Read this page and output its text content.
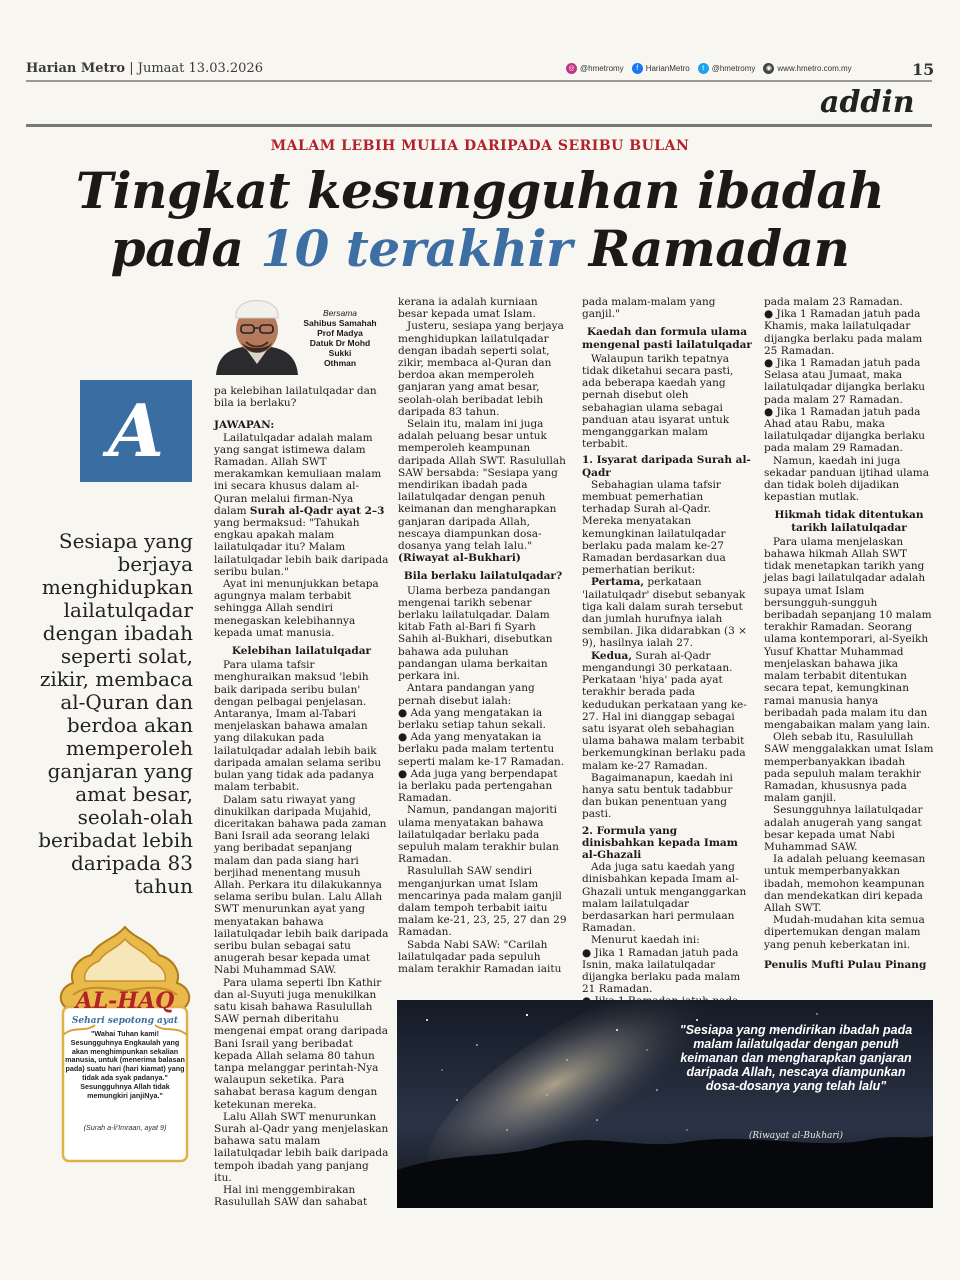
Harian Metro | Jumaat 13.03.2026	◎ @hmetromy	f HarianMetro	t @hmetromy	◉ www.hmetro.com.my	15
addin
MALAM LEBIH MULIA DARIPADA SERIBU BULAN
Tingkat kesungguhan ibadah
pada 10 terakhir Ramadan
Bersama
Sahibus Samahah
Prof Madya
Datuk Dr Mohd Sukki
Othman
A
Sesiapa yang berjaya menghidupkan lailatulqadar dengan ibadah seperti solat, zikir, membaca al-Quran dan berdoa akan memperoleh ganjaran yang amat besar, seolah-olah beribadat lebih daripada 83 tahun

pa kelebihan lailatulqadar dan bila ia berlaku?

JAWAPAN:

Lailatulqadar adalah malam yang sangat istimewa dalam Ramadan. Allah SWT merakamkan kemuliaan malam ini secara khusus dalam al-Quran melalui firman-Nya dalam Surah al-Qadr ayat 2–3 yang bermaksud: "Tahukah engkau apakah malam lailatulqadar itu? Malam lailatulqadar lebih baik daripada seribu bulan."

Ayat ini menunjukkan betapa agungnya malam terbabit sehingga Allah sendiri menegaskan kelebihannya kepada umat manusia.

Kelebihan lailatulqadar

Para ulama tafsir menghuraikan maksud 'lebih baik daripada seribu bulan' dengan pelbagai penjelasan. Antaranya, Imam al-Tabari menjelaskan bahawa amalan yang dilakukan pada lailatulqadar adalah lebih baik daripada amalan selama seribu bulan yang tidak ada padanya malam terbabit.

Dalam satu riwayat yang dinukilkan daripada Mujahid, diceritakan bahawa pada zaman Bani Israil ada seorang lelaki yang beribadat sepanjang malam dan pada siang hari berjihad menentang musuh Allah. Perkara itu dilakukannya selama seribu bulan. Lalu Allah SWT menurunkan ayat yang menyatakan bahawa lailatulqadar lebih baik daripada seribu bulan sebagai satu anugerah besar kepada umat Nabi Muhammad SAW.

Para ulama seperti Ibn Kathir dan al-Suyuti juga menukilkan satu kisah bahawa Rasulullah SAW pernah diberitahu mengenai empat orang daripada Bani Israil yang beribadat kepada Allah selama 80 tahun tanpa melanggar perintah-Nya walaupun seketika. Para sahabat berasa kagum dengan ketekunan mereka.

Lalu Allah SWT menurunkan Surah al-Qadr yang menjelaskan bahawa satu malam lailatulqadar lebih baik daripada tempoh ibadah yang panjang itu.

Hal ini menggembirakan Rasulullah SAW dan sahabat

kerana ia adalah kurniaan besar kepada umat Islam.

Justeru, sesiapa yang berjaya menghidupkan lailatulqadar dengan ibadah seperti solat, zikir, membaca al-Quran dan berdoa akan memperoleh ganjaran yang amat besar, seolah-olah beribadat lebih daripada 83 tahun.

Selain itu, malam ini juga adalah peluang besar untuk memperoleh keampunan daripada Allah SWT. Rasulullah SAW bersabda: "Sesiapa yang mendirikan ibadah pada lailatulqadar dengan penuh keimanan dan mengharapkan ganjaran daripada Allah, nescaya diampunkan dosa-dosanya yang telah lalu."

(Riwayat al-Bukhari)

Bila berlaku lailatulqadar?

Ulama berbeza pandangan mengenai tarikh sebenar berlaku lailatulqadar. Dalam kitab Fath al-Bari fi Syarh Sahih al-Bukhari, disebutkan bahawa ada puluhan pandangan ulama berkaitan perkara ini.

Antara pandangan yang pernah disebut ialah:

● Ada yang mengatakan ia berlaku setiap tahun sekali.

● Ada yang menyatakan ia berlaku pada malam tertentu seperti malam ke-17 Ramadan.

● Ada juga yang berpendapat ia berlaku pada pertengahan Ramadan.

Namun, pandangan majoriti ulama menyatakan bahawa lailatulqadar berlaku pada sepuluh malam terakhir bulan Ramadan.

Rasulullah SAW sendiri menganjurkan umat Islam mencarinya pada malam ganjil dalam tempoh terbabit iaitu malam ke-21, 23, 25, 27 dan 29 Ramadan.

Sabda Nabi SAW: "Carilah lailatulqadar pada sepuluh malam terakhir Ramadan iaitu

pada malam-malam yang ganjil."

Kaedah dan formula ulama mengenal pasti lailatulqadar

Walaupun tarikh tepatnya tidak diketahui secara pasti, ada beberapa kaedah yang pernah disebut oleh sebahagian ulama sebagai panduan atau isyarat untuk menganggarkan malam terbabit.

1. Isyarat daripada Surah al-Qadr

Sebahagian ulama tafsir membuat pemerhatian terhadap Surah al-Qadr. Mereka menyatakan kemungkinan lailatulqadar berlaku pada malam ke-27 Ramadan berdasarkan dua pemerhatian berikut:

Pertama, perkataan 'lailatulqadr' disebut sebanyak tiga kali dalam surah tersebut dan jumlah hurufnya ialah sembilan. Jika didarabkan (3 × 9), hasilnya ialah 27.

Kedua, Surah al-Qadr mengandungi 30 perkataan. Perkataan 'hiya' pada ayat terakhir berada pada kedudukan perkataan yang ke-27. Hal ini dianggap sebagai satu isyarat oleh sebahagian ulama bahawa malam terbabit berkemungkinan berlaku pada malam ke-27 Ramadan.

Bagaimanapun, kaedah ini hanya satu bentuk tadabbur dan bukan penentuan yang pasti.

2. Formula yang dinisbahkan kepada Imam al-Ghazali

Ada juga satu kaedah yang dinisbahkan kepada Imam al-Ghazali untuk menganggarkan malam lailatulqadar berdasarkan hari permulaan Ramadan.

Menurut kaedah ini:

● Jika 1 Ramadan jatuh pada Isnin, maka lailatulqadar dijangka berlaku pada malam 21 Ramadan.

pada malam 23 Ramadan.

● Jika 1 Ramadan jatuh pada Khamis, maka lailatulqadar dijangka berlaku pada malam 25 Ramadan.

● Jika 1 Ramadan jatuh pada Selasa atau Jumaat, maka lailatulqadar dijangka berlaku pada malam 27 Ramadan.

● Jika 1 Ramadan jatuh pada Ahad atau Rabu, maka lailatulqadar dijangka berlaku pada malam 29 Ramadan.

Namun, kaedah ini juga sekadar panduan ijtihad ulama dan tidak boleh dijadikan kepastian mutlak.

Hikmah tidak ditentukan tarikh lailatulqadar

Para ulama menjelaskan bahawa hikmah Allah SWT tidak menetapkan tarikh yang jelas bagi lailatulqadar adalah supaya umat Islam bersungguh-sungguh beribadah sepanjang 10 malam terakhir Ramadan. Seorang ulama kontemporari, al-Syeikh Yusuf Khattar Muhammad menjelaskan bahawa jika malam terbabit ditentukan secara tepat, kemungkinan ramai manusia hanya beribadah pada malam itu dan mengabaikan malam yang lain.

Oleh sebab itu, Rasulullah SAW menggalakkan umat Islam memperbanyakkan ibadah pada sepuluh malam terakhir Ramadan, khususnya pada malam ganjil.

Sesungguhnya lailatulqadar adalah anugerah yang sangat besar kepada umat Nabi Muhammad SAW.

Ia adalah peluang keemasan untuk memperbanyakkan ibadah, memohon keampunan dan mendekatkan diri kepada Allah SWT.

Mudah-mudahan kita semua dipertemukan dengan malam yang penuh keberkatan ini.

Penulis Mufti Pulau Pinang

AL-HAQ
Sehari sepotong ayat
"Wahai Tuhan kami! Sesungguhnya Engkaulah yang akan menghimpunkan sekalian manusia, untuk (menerima balasan pada) suatu hari (hari kiamat) yang tidak ada syak padanya." Sesungguhnya Allah tidak memungkiri janjiNya."
(Surah a-li'Imraan, ayat 9)
"Sesiapa yang mendirikan ibadah pada malam lailatulqadar dengan penuh keimanan dan mengharapkan ganjaran daripada Allah, nescaya diampunkan dosa-dosanya yang telah lalu"
(Riwayat al-Bukhari)
